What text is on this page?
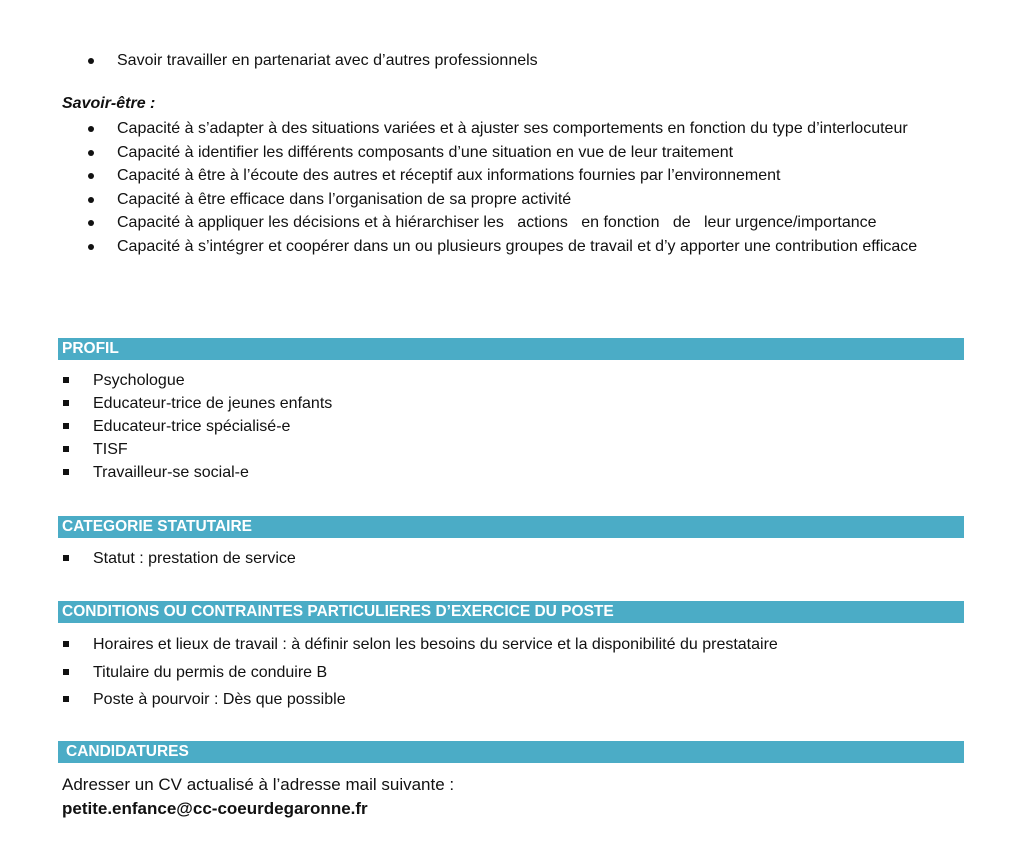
Savoir travailler en partenariat avec d’autres professionnels
Savoir-être :
Capacité à s’adapter à des situations variées et à ajuster ses comportements en fonction du type d’interlocuteur
Capacité à identifier les différents composants d’une situation en vue de leur traitement
Capacité à être à l’écoute des autres et réceptif aux informations fournies par l’environnement
Capacité à être efficace dans l’organisation de sa propre activité
Capacité à appliquer les décisions et à hiérarchiser les   actions   en fonction   de   leur urgence/importance
Capacité à s’intégrer et coopérer dans un ou plusieurs groupes de travail et d’y apporter une contribution efficace
PROFIL
Psychologue
Educateur-trice de jeunes enfants
Educateur-trice spécialisé-e
TISF
Travailleur-se social-e
CATEGORIE STATUTAIRE
Statut : prestation de service
CONDITIONS OU CONTRAINTES PARTICULIERES D’EXERCICE DU POSTE
Horaires et lieux de travail : à définir selon les besoins du service et la disponibilité du prestataire
Titulaire du permis de conduire B
Poste à pourvoir : Dès que possible
CANDIDATURES
Adresser un CV actualisé à l’adresse mail suivante :
petite.enfance@cc-coeurdegaronne.fr
